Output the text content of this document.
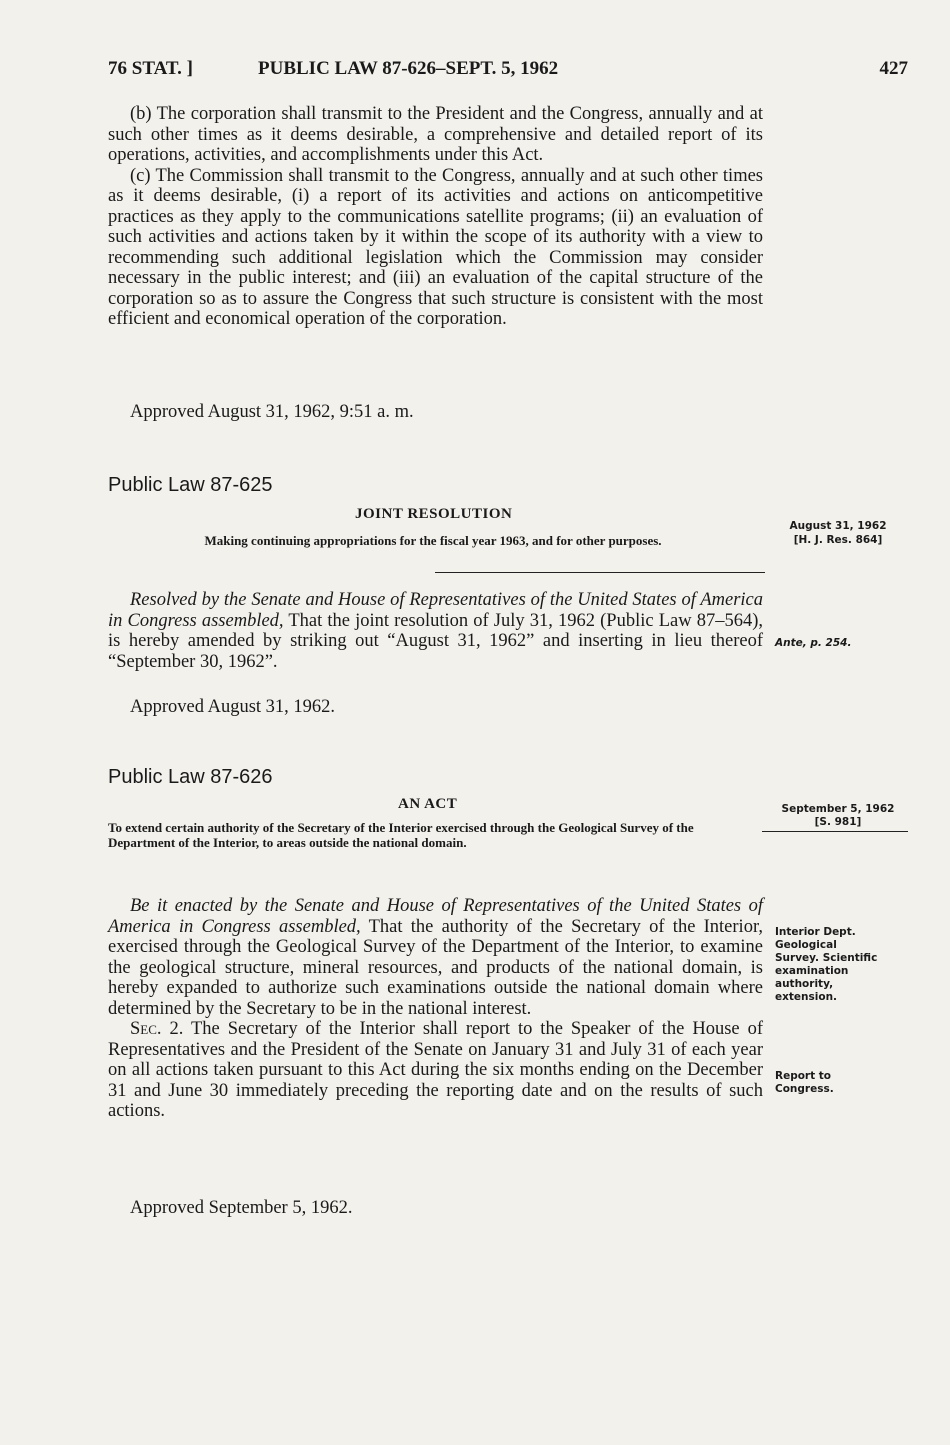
76 STAT. ]	PUBLIC LAW 87-626–SEPT. 5, 1962	427

(b) The corporation shall transmit to the President and the Congress, annually and at such other times as it deems desirable, a comprehensive and detailed report of its operations, activities, and accomplishments under this Act.

(c) The Commission shall transmit to the Congress, annually and at such other times as it deems desirable, (i) a report of its activities and actions on anticompetitive practices as they apply to the communications satellite programs; (ii) an evaluation of such activities and actions taken by it within the scope of its authority with a view to recommending such additional legislation which the Commission may consider necessary in the public interest; and (iii) an evaluation of the capital structure of the corporation so as to assure the Congress that such structure is consistent with the most efficient and economical operation of the corporation.

Approved August 31, 1962, 9:51 a. m.
Public Law 87-625
JOINT RESOLUTION
Making continuing appropriations for the fiscal year 1963, and for other purposes.
August 31, 1962
[H. J. Res. 864]

Resolved by the Senate and House of Representatives of the United States of America in Congress assembled, That the joint resolution of July 31, 1962 (Public Law 87–564), is hereby amended by striking out “August 31, 1962” and inserting in lieu thereof “September 30, 1962”.

Ante, p. 254.
Approved August 31, 1962.
Public Law 87-626
AN ACT
To extend certain authority of the Secretary of the Interior exercised through the Geological Survey of the Department of the Interior, to areas outside the national domain.
September 5, 1962
[S. 981]

Be it enacted by the Senate and House of Representatives of the United States of America in Congress assembled, That the authority of the Secretary of the Interior, exercised through the Geological Survey of the Department of the Interior, to examine the geological structure, mineral resources, and products of the national domain, is hereby expanded to authorize such examinations outside the national domain where determined by the Secretary to be in the national interest.

Sec. 2. The Secretary of the Interior shall report to the Speaker of the House of Representatives and the President of the Senate on January 31 and July 31 of each year on all actions taken pursuant to this Act during the six months ending on the December 31 and June 30 immediately preceding the reporting date and on the results of such actions.

Interior Dept. Geological Survey. Scientific examination authority, extension.
Report to Congress.
Approved September 5, 1962.
